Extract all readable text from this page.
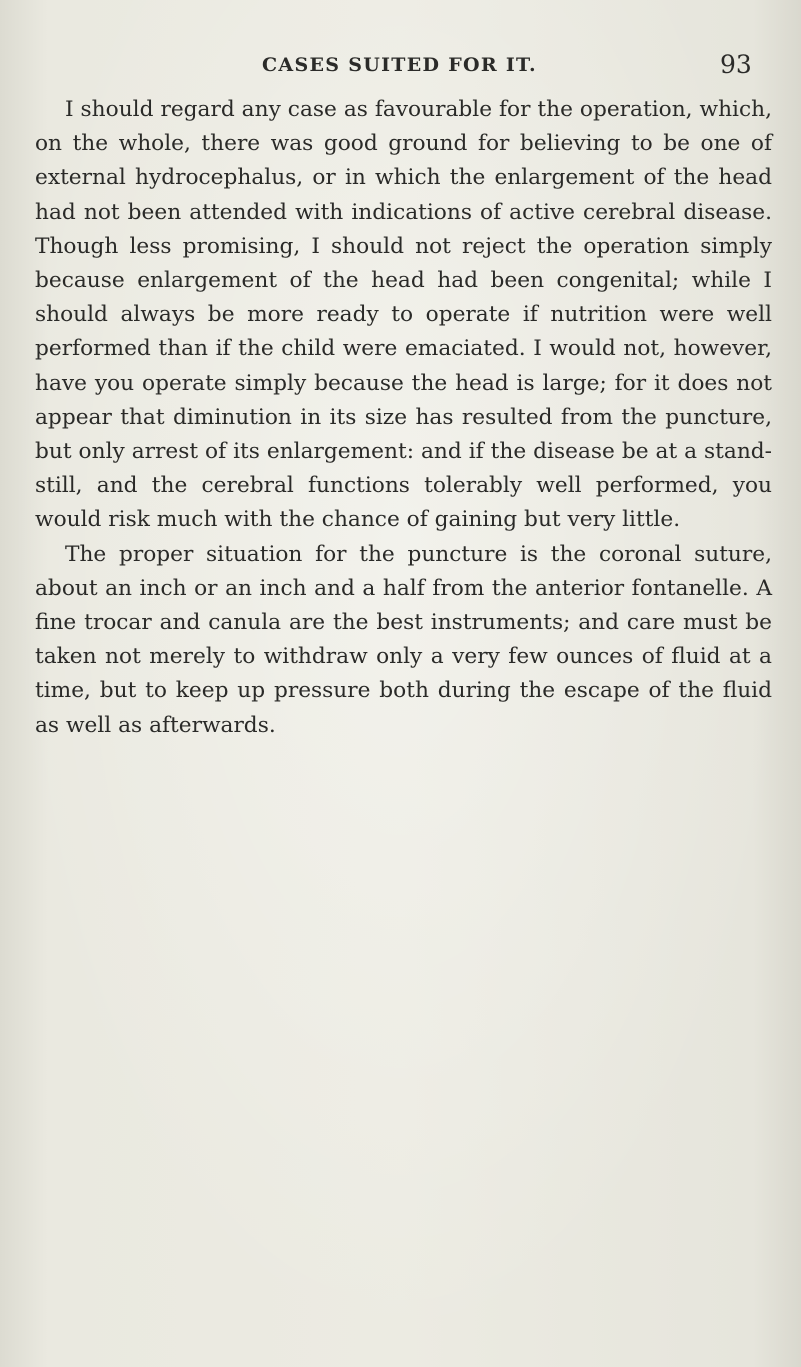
CASES SUITED FOR IT.	93

I should regard any case as favourable for the operation, which, on the whole, there was good ground for believing to be one of external hydrocephalus, or in which the enlargement of the head had not been attended with indications of active cerebral disease. Though less promising, I should not reject the operation simply because enlargement of the head had been congenital; while I should always be more ready to operate if nutrition were well performed than if the child were emaciated. I would not, however, have you operate simply because the head is large; for it does not appear that diminution in its size has resulted from the puncture, but only arrest of its enlargement: and if the disease be at a stand-still, and the cerebral functions tolerably well performed, you would risk much with the chance of gaining but very little.

The proper situation for the puncture is the coronal suture, about an inch or an inch and a half from the anterior fontanelle. A fine trocar and canula are the best instruments; and care must be taken not merely to withdraw only a very few ounces of fluid at a time, but to keep up pressure both during the escape of the fluid as well as afterwards.
